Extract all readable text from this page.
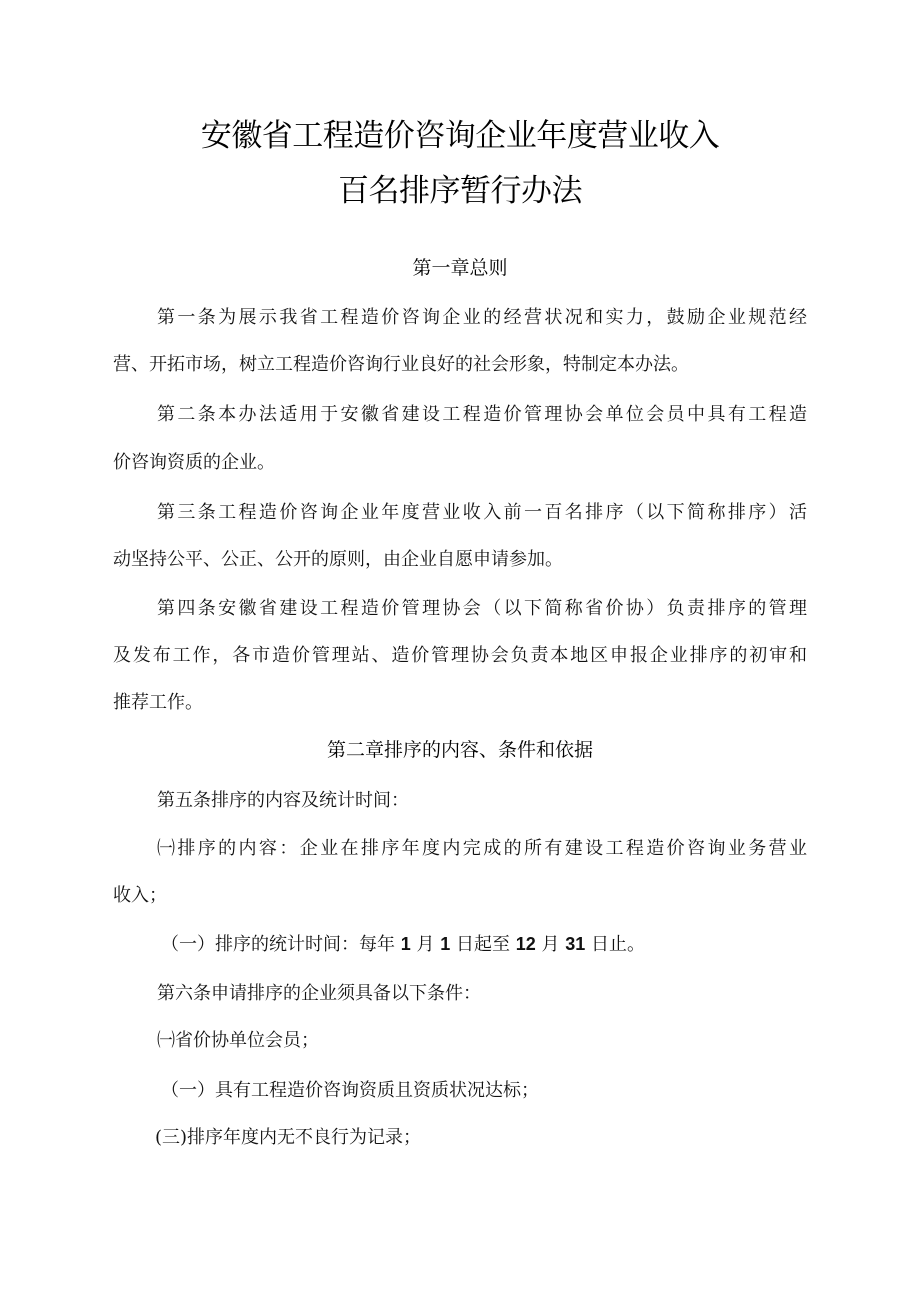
安徽省工程造价咨询企业年度营业收入
百名排序暂行办法
第一章总则
第一条为展示我省工程造价咨询企业的经营状况和实力，鼓励企业规范经
营、开拓市场，树立工程造价咨询行业良好的社会形象，特制定本办法。
第二条本办法适用于安徽省建设工程造价管理协会单位会员中具有工程造
价咨询资质的企业。
第三条工程造价咨询企业年度营业收入前一百名排序（以下简称排序）活
动坚持公平、公正、公开的原则，由企业自愿申请参加。
第四条安徽省建设工程造价管理协会（以下简称省价协）负责排序的管理
及发布工作，各市造价管理站、造价管理协会负责本地区申报企业排序的初审和
推荐工作。
第二章排序的内容、条件和依据
第五条排序的内容及统计时间：
㈠排序的内容：企业在排序年度内完成的所有建设工程造价咨询业务营业
收入；
（一）排序的统计时间：每年 1 月 1 日起至 12 月 31 日止。
第六条申请排序的企业须具备以下条件：
㈠省价协单位会员；
（一）具有工程造价咨询资质且资质状况达标；
(三)排序年度内无不良行为记录；
